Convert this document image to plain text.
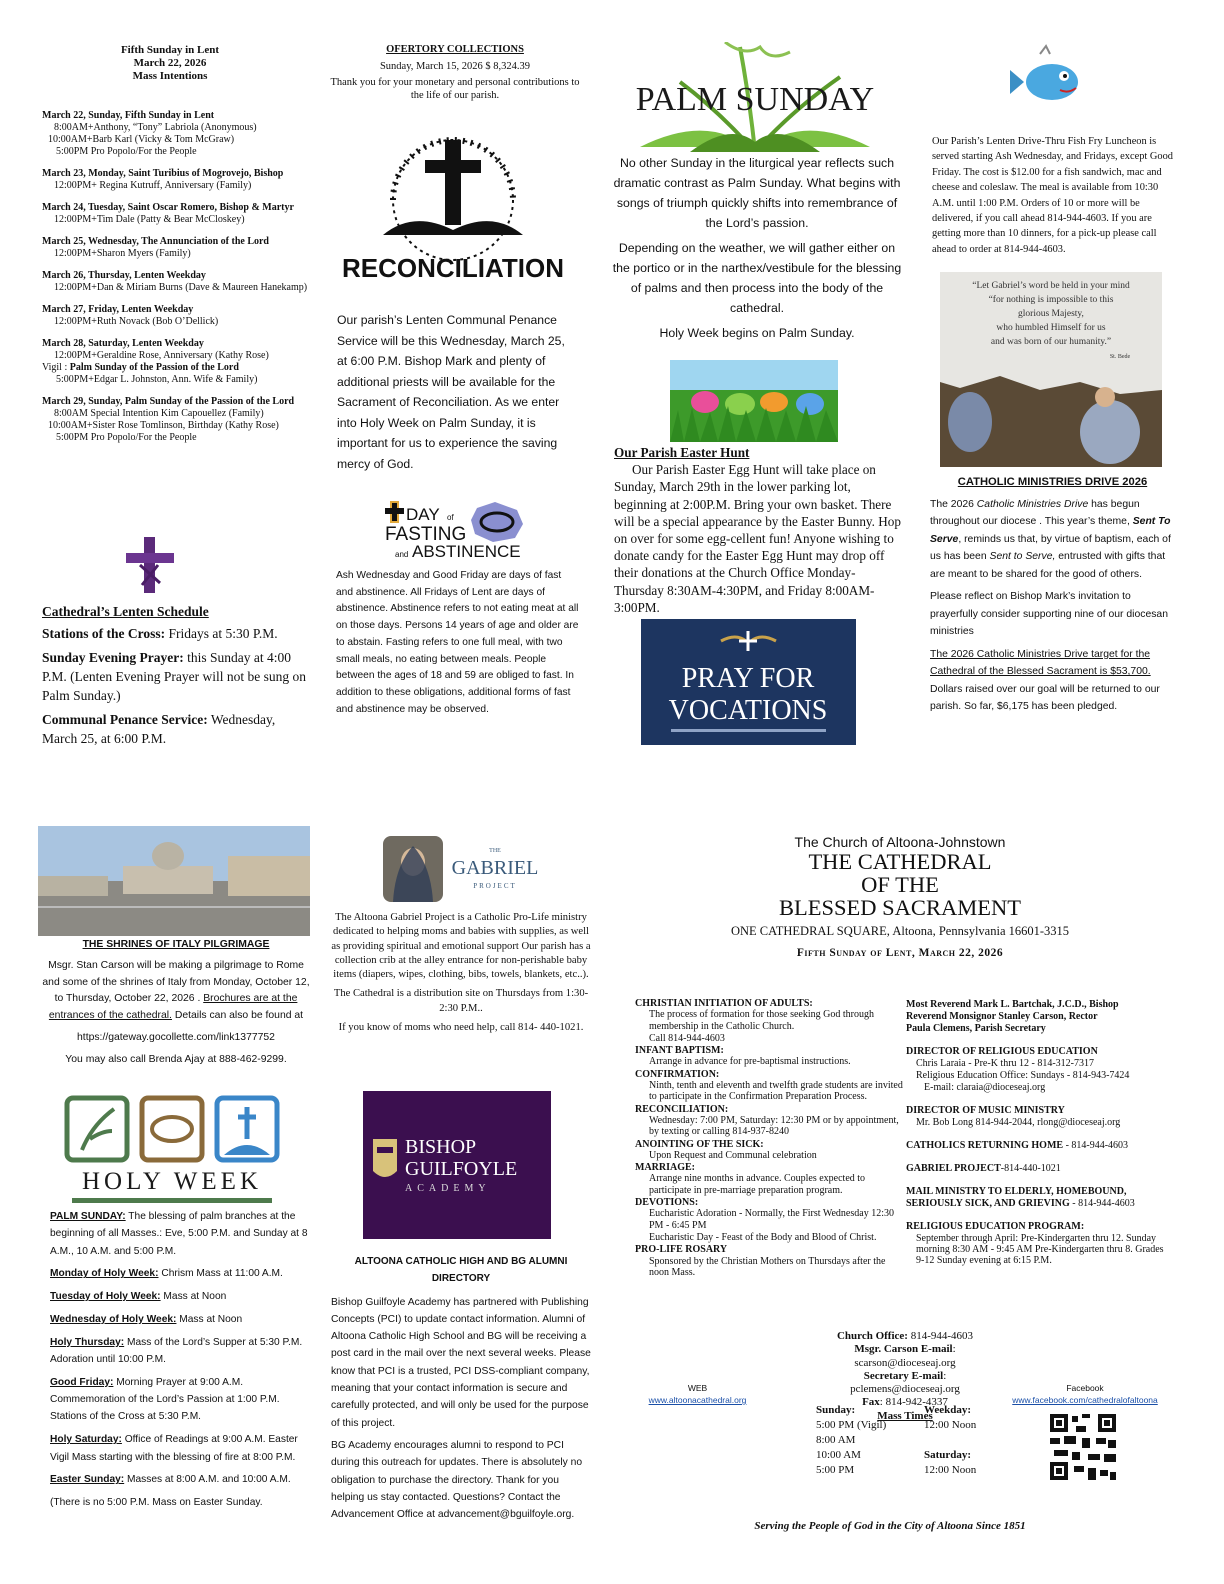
Fifth Sunday in Lent
March 22, 2026
Mass Intentions
March 22, Sunday, Fifth Sunday in Lent
8:00AM+Anthony, “Tony” Labriola (Anonymous)
10:00AM+Barb Karl (Vicky & Tom McGraw)
5:00PM Pro Popolo/For the People
March 23, Monday, Saint Turibius of Mogrovejo, Bishop
12:00PM+ Regina Kutruff, Anniversary (Family)
March 24, Tuesday, Saint Oscar Romero, Bishop & Martyr
12:00PM+Tim Dale (Patty & Bear McCloskey)
March 25, Wednesday, The Annunciation of the Lord
12:00PM+Sharon Myers (Family)
March 26, Thursday, Lenten Weekday
12:00PM+Dan & Miriam Burns (Dave & Maureen Hanekamp)
March 27, Friday, Lenten Weekday
12:00PM+Ruth Novack (Bob O’Dellick)
March 28, Saturday, Lenten Weekday
12:00PM+Geraldine Rose, Anniversary (Kathy Rose)
Vigil : Palm Sunday of the Passion of the Lord
5:00PM+Edgar L. Johnston, Ann. Wife & Family)
March 29, Sunday, Palm Sunday of the Passion of the Lord
8:00AM Special Intention Kim Capouellez (Family)
10:00AM+Sister Rose Tomlinson, Birthday (Kathy Rose)
5:00PM Pro Popolo/For the People

Cathedral’s Lenten Schedule

Stations of the Cross: Fridays at 5:30 P.M.

Sunday Evening Prayer: this Sunday at 4:00 P.M. (Lenten Evening Prayer will not be sung on Palm Sunday.)

Communal Penance Service: Wednesday, March 25, at 6:00 P.M.

OFERTORY COLLECTIONS

Sunday, March 15, 2026 $ 8,324.39

Thank you for your monetary and personal contributions to the life of our parish.

RECONCILIATION
Our parish’s Lenten Communal Penance Service will be this Wednesday, March 25, at 6:00 P.M. Bishop Mark and plenty of additional priests will be available for the Sacrament of Reconciliation. As we enter into Holy Week on Palm Sunday, it is important for us to experience the saving mercy of God.
DAY of
FASTING
and ABSTINENCE
Ash Wednesday and Good Friday are days of fast and abstinence. All Fridays of Lent are days of abstinence. Abstinence refers to not eating meat at all on those days. Persons 14 years of age and older are to abstain. Fasting refers to one full meal, with two small meals, no eating between meals. People between the ages of 18 and 59 are obliged to fast. In addition to these obligations, additional forms of fast and abstinence may be observed.
PALM SUNDAY

No other Sunday in the liturgical year reflects such dramatic contrast as Palm Sunday. What begins with songs of triumph quickly shifts into remembrance of the Lord’s passion.

Depending on the weather, we will gather either on the portico or in the narthex/vestibule for the blessing of palms and then process into the body of the cathedral.

Holy Week begins on Palm Sunday.

Our Parish Easter Hunt

Our Parish Easter Egg Hunt will take place on Sunday, March 29th in the lower parking lot, beginning at 2:00P.M. Bring your own basket. There will be a special appearance by the Easter Bunny. Hop on over for some egg-cellent fun! Anyone wishing to donate candy for the Easter Egg Hunt may drop off their donations at the Church Office Monday-Thursday 8:30AM-4:30PM, and Friday 8:00AM-3:00PM.

PRAY FOR
VOCATIONS
Our Parish’s Lenten Drive-Thru Fish Fry Luncheon is served starting Ash Wednesday, and Fridays, except Good Friday. The cost is $12.00 for a fish sandwich, mac and cheese and coleslaw. The meal is available from 10:30 A.M. until 1:00 P.M. Orders of 10 or more will be delivered, if you call ahead 814-944-4603. If you are getting more than 10 dinners, for a pick-up please call ahead to order at 814-944-4603.
“Let Gabriel’s word be held in your mind
“for nothing is impossible to this
glorious Majesty,
who humbled Himself for us
and was born of our humanity.”
St. Bede

CATHOLIC MINISTRIES DRIVE 2026

The 2026 Catholic Ministries Drive has begun throughout our diocese . This year’s theme, Sent To Serve, reminds us that, by virtue of baptism, each of us has been Sent to Serve, entrusted with gifts that are meant to be shared for the good of others.

Please reflect on Bishop Mark’s invitation to prayerfully consider supporting nine of our diocesan ministries

The 2026 Catholic Ministries Drive target for the Cathedral of the Blessed Sacrament is $53,700. Dollars raised over our goal will be returned to our parish. So far, $6,175 has been pledged.

THE SHRINES OF ITALY PILGRIMAGE

Msgr. Stan Carson will be making a pilgrimage to Rome and some of the shrines of Italy from Monday, October 12, to Thursday, October 22, 2026 . Brochures are at the entrances of the cathedral. Details can also be found at

https://gateway.gocollette.com/link1377752

You may also call Brenda Ajay at 888-462-9299.

HOLY WEEK

PALM SUNDAY: The blessing of palm branches at the beginning of all Masses.: Eve, 5:00 P.M. and Sunday at 8 A.M., 10 A.M. and 5:00 P.M.

Monday of Holy Week: Chrism Mass at 11:00 A.M.

Tuesday of Holy Week: Mass at Noon

Wednesday of Holy Week: Mass at Noon

Holy Thursday: Mass of the Lord’s Supper at 5:30 P.M. Adoration until 10:00 P.M.

Good Friday: Morning Prayer at 9:00 A.M. Commemoration of the Lord’s Passion at 1:00 P.M. Stations of the Cross at 5:30 P.M.

Holy Saturday: Office of Readings at 9:00 A.M. Easter Vigil Mass starting with the blessing of fire at 8:00 P.M.

Easter Sunday: Masses at 8:00 A.M. and 10:00 A.M.

(There is no 5:00 P.M. Mass on Easter Sunday.

THE
GABRIEL
PROJECT

The Altoona Gabriel Project is a Catholic Pro-Life ministry dedicated to helping moms and babies with supplies, as well as providing spiritual and emotional support Our parish has a collection crib at the alley entrance for non-perishable baby items (diapers, wipes, clothing, bibs, towels, blankets, etc..).

The Cathedral is a distribution site on Thursdays from 1:30-2:30 P.M..

If you know of moms who need help, call 814- 440-1021.

BISHOP
GUILFOYLE
ACADEMY

ALTOONA CATHOLIC HIGH AND BG ALUMNI DIRECTORY

Bishop Guilfoyle Academy has partnered with Publishing Concepts (PCI) to update contact information. Alumni of Altoona Catholic High School and BG will be receiving a post card in the mail over the next several weeks. Please know that PCI is a trusted, PCI DSS-compliant company, meaning that your contact information is secure and carefully protected, and will only be used for the purpose of this project.

BG Academy encourages alumni to respond to PCI during this outreach for updates. There is absolutely no obligation to purchase the directory. Thank for you helping us stay contacted. Questions? Contact the Advancement Office at advancement@bguilfoyle.org.

The Church of Altoona-Johnstown
THE CATHEDRAL
OF THE
BLESSED SACRAMENT
ONE CATHEDRAL SQUARE, Altoona, Pennsylvania 16601-3315
Fifth Sunday of Lent, March 22, 2026
CHRISTIAN INITIATION OF ADULTS:
The process of formation for those seeking God through membership in the Catholic Church.
Call 814-944-4603
INFANT BAPTISM:
Arrange in advance for pre-baptismal instructions.
CONFIRMATION:
Ninth, tenth and eleventh and twelfth grade students are invited to participate in the Confirmation Preparation Process.
RECONCILIATION:
Wednesday: 7:00 PM, Saturday: 12:30 PM or by appointment, by texting or calling 814-937-8240
ANOINTING OF THE SICK:
Upon Request and Communal celebration
MARRIAGE:
Arrange nine months in advance. Couples expected to participate in pre-marriage preparation program.
DEVOTIONS:
Eucharistic Adoration - Normally, the First Wednesday 12:30 PM - 6:45 PM
Eucharistic Day - Feast of the Body and Blood of Christ.
PRO-LIFE ROSARY
Sponsored by the Christian Mothers on Thursdays after the noon Mass.
Most Reverend Mark L. Bartchak, J.C.D., Bishop
Reverend Monsignor Stanley Carson, Rector
Paula Clemens, Parish Secretary
DIRECTOR OF RELIGIOUS EDUCATION
Chris Laraia - Pre-K thru 12 - 814-312-7317
Religious Education Office: Sundays - 814-943-7424
E-mail: claraia@dioceseaj.org
DIRECTOR OF MUSIC MINISTRY
Mr. Bob Long 814-944-2044, rlong@dioceseaj.org
CATHOLICS RETURNING HOME - 814-944-4603
GABRIEL PROJECT-814-440-1021
MAIL MINISTRY TO ELDERLY, HOMEBOUND, SERIOUSLY SICK, AND GRIEVING - 814-944-4603
RELIGIOUS EDUCATION PROGRAM:
September through April: Pre-Kindergarten thru 12. Sunday morning 8:30 AM - 9:45 AM Pre-Kindergarten thru 8. Grades 9-12 Sunday evening at 6:15 P.M.
Church Office: 814-944-4603
Msgr. Carson E-mail:
scarson@dioceseaj.org
Secretary E-mail:
pclemens@dioceseaj.org
Fax: 814-942-4337
Mass Times
Sunday:
5:00 PM (Vigil)
8:00 AM
10:00 AM
5:00 PM
Weekday:
12:00 Noon
Saturday:
12:00 Noon
WEB
www.altoonacathedral.org
Facebook
www.facebook.com/cathedralofaltoona
Serving the People of God in the City of Altoona Since 1851
